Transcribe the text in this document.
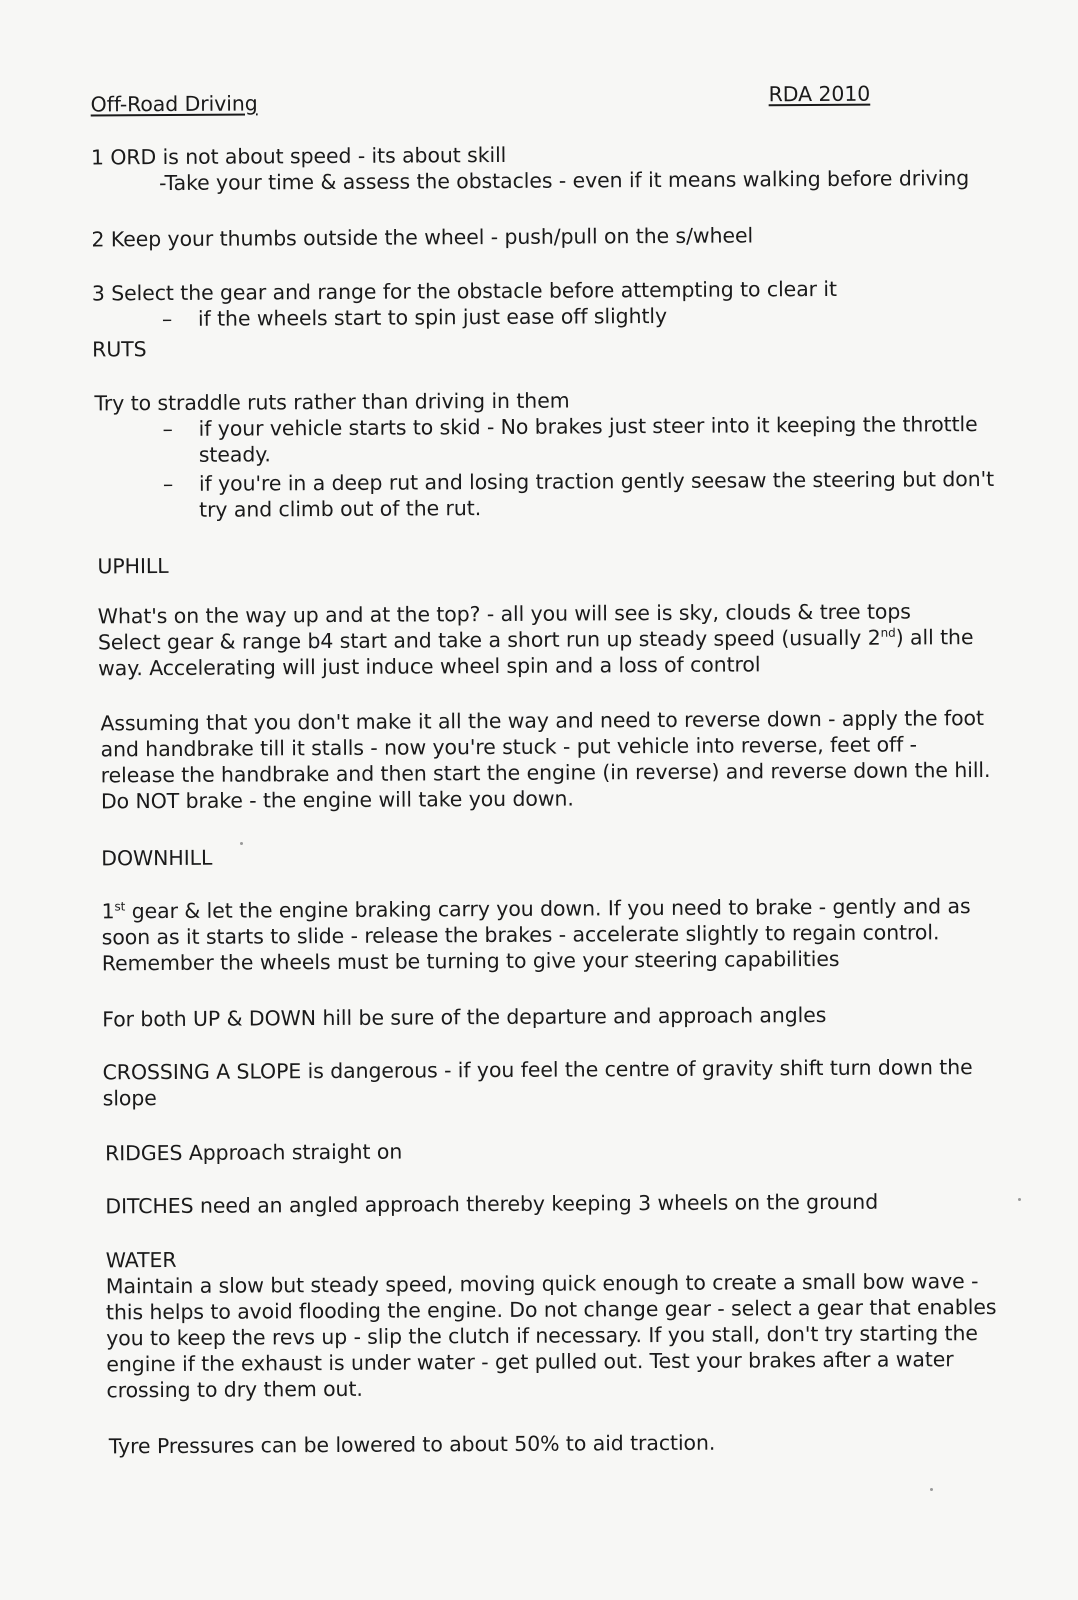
Off-Road Driving	RDA 2010
1 ORD is not about speed - its about skill
-Take your time & assess the obstacles - even if it means walking before driving
2 Keep your thumbs outside the wheel - push/pull on the s/wheel
3 Select the gear and range for the obstacle before attempting to clear it
– if the wheels start to spin just ease off slightly
RUTS
Try to straddle ruts rather than driving in them
– if your vehicle starts to skid - No brakes just steer into it keeping the throttle
steady.
– if you're in a deep rut and losing traction gently seesaw the steering but don't
try and climb out of the rut.
UPHILL
What's on the way up and at the top? - all you will see is sky, clouds & tree tops
Select gear & range b4 start and take a short run up steady speed (usually 2nd) all the
way. Accelerating will just induce wheel spin and a loss of control
Assuming that you don't make it all the way and need to reverse down - apply the foot
and handbrake till it stalls - now you're stuck - put vehicle into reverse, feet off -
release the handbrake and then start the engine (in reverse) and reverse down the hill.
Do NOT brake - the engine will take you down.
DOWNHILL
1st gear & let the engine braking carry you down. If you need to brake - gently and as
soon as it starts to slide - release the brakes - accelerate slightly to regain control.
Remember the wheels must be turning to give your steering capabilities
For both UP & DOWN hill be sure of the departure and approach angles
CROSSING A SLOPE is dangerous - if you feel the centre of gravity shift turn down the
slope
RIDGES Approach straight on
DITCHES need an angled approach thereby keeping 3 wheels on the ground
WATER
Maintain a slow but steady speed, moving quick enough to create a small bow wave -
this helps to avoid flooding the engine. Do not change gear - select a gear that enables
you to keep the revs up - slip the clutch if necessary. If you stall, don't try starting the
engine if the exhaust is under water - get pulled out. Test your brakes after a water
crossing to dry them out.
Tyre Pressures can be lowered to about 50% to aid traction.
